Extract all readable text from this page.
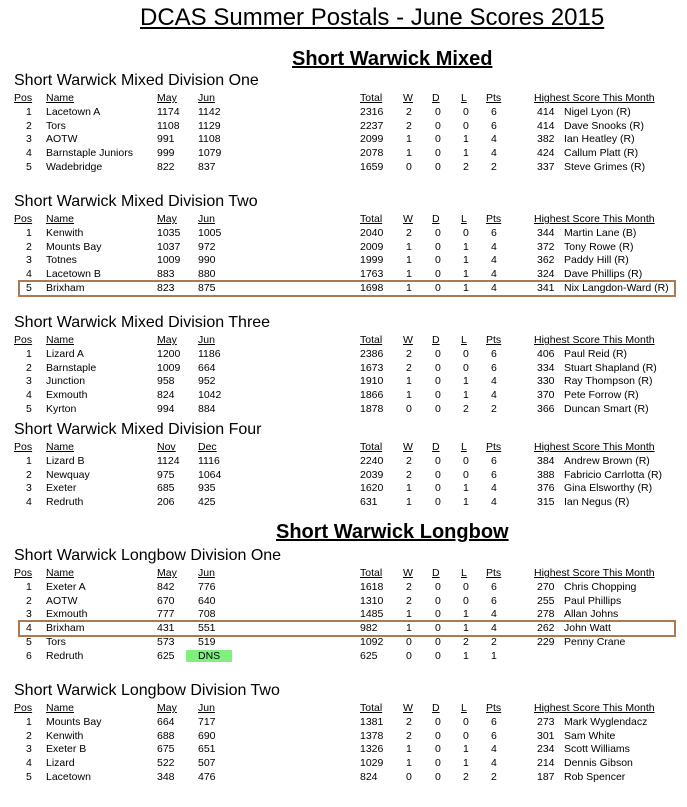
DCAS Summer Postals - June Scores 2015
Short Warwick Mixed
Short Warwick Mixed Division One
Pos Name	May Jun	Total W D L Pts	Highest Score This Month
1 Lacetown A	1174 1142	2316 2 0 0 6	414 Nigel Lyon (R)
2 Tors	1108 1129	2237 2 0 0 6	414 Dave Snooks (R)
3 AOTW	991 1108	2099 1 0 1 4	382 Ian Heatley (R)
4 Barnstaple Juniors 999 1079	2078 1 0 1 4	424 Callum Platt (R)
5 Wadebridge	822 837	1659 0 0 2 2	337 Steve Grimes (R)
Short Warwick Mixed Division Two
Pos Name	May Jun	Total W D L Pts	Highest Score This Month
1 Kenwith	1035 1005	2040 2 0 0 6	344 Martin Lane (B)
2 Mounts Bay	1037 972	2009 1 0 1 4	372 Tony Rowe (R)
3 Totnes	1009 990	1999 1 0 1 4	362 Paddy Hill (R)
4 Lacetown B	883 880	1763 1 0 1 4	324 Dave Phillips (R)
5 Brixham	823 875	1698 1 0 1 4	341 Nix Langdon-Ward (R)
Short Warwick Mixed Division Three
Pos Name	May Jun	Total W D L Pts	Highest Score This Month
1 Lizard A	1200 1186	2386 2 0 0 6	406 Paul Reid (R)
2 Barnstaple	1009 664	1673 2 0 0 6	334 Stuart Shapland (R)
3 Junction	958 952	1910 1 0 1 4	330 Ray Thompson (R)
4 Exmouth	824 1042	1866 1 0 1 4	370 Pete Forrow (R)
5 Kyrton	994 884	1878 0 0 2 2	366 Duncan Smart (R)
Short Warwick Mixed Division Four
Pos Name	Nov Dec	Total W D L Pts	Highest Score This Month
1 Lizard B	1124 1116	2240 2 0 0 6	384 Andrew Brown (R)
2 Newquay	975 1064	2039 2 0 0 6	388 Fabricio Carrlotta (R)
3 Exeter	685 935	1620 1 0 1 4	376 Gina Elsworthy (R)
4 Redruth	206 425	631	1 0 1 4	315 Ian Negus (R)
Short Warwick Longbow
Short Warwick Longbow Division One
Pos Name	May Jun	Total W D L Pts	Highest Score This Month
1 Exeter A	842 776	1618 2 0 0 6	270 Chris Chopping
2 AOTW	670 640	1310 2 0 0 6	255 Paul Phillips
3 Exmouth	777 708	1485 1 0 1 4	278 Allan Johns
4 Brixham	431 551	982	1 0 1 4	262 John Watt
5 Tors	573 519	1092 0 0 2 2	229 Penny Crane
6 Redruth	625	DNS	625	0 0 1 1
Short Warwick Longbow Division Two
Pos Name	May Jun	Total W D L Pts	Highest Score This Month
1 Mounts Bay	664 717	1381 2 0 0 6	273 Mark Wyglendacz
2 Kenwith	688 690	1378 2 0 0 6	301 Sam White
3 Exeter B	675 651	1326 1 0 1 4	234 Scott Williams
4 Lizard	522 507	1029 1 0 1 4	214 Dennis Gibson
5 Lacetown	348 476	824	0 0 2 2	187 Rob Spencer
